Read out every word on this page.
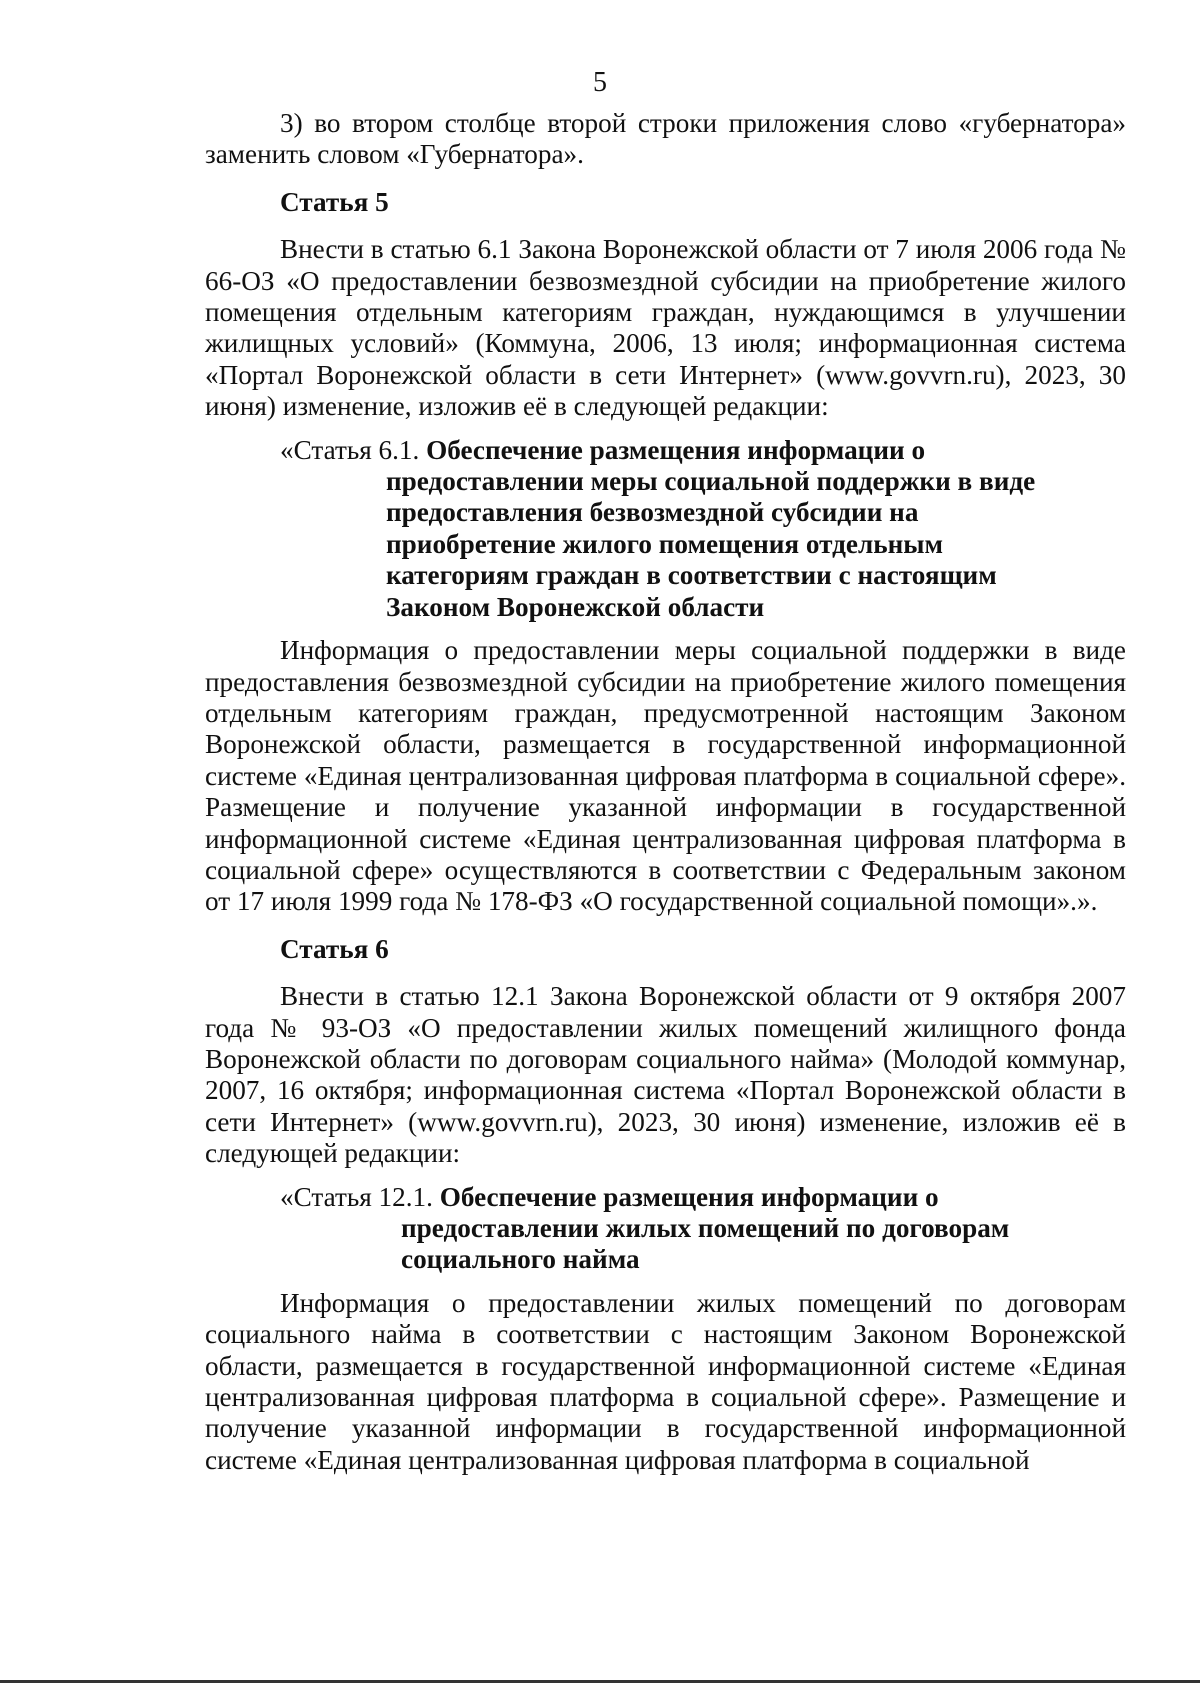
5

3) во втором столбце второй строки приложения слово «губернатора» заменить словом «Губернатора».

Статья 5

Внести в статью 6.1 Закона Воронежской области от 7 июля 2006 года № 66-ОЗ «О предоставлении безвозмездной субсидии на приобретение жилого помещения отдельным категориям граждан, нуждающимся в улучшении жилищных условий» (Коммуна, 2006, 13 июля; информационная система «Портал Воронежской области в сети Интернет» (www.govvrn.ru), 2023, 30 июня) изменение, изложив её в следующей редакции:

«Статья 6.1. Обеспечение размещения информации о
предоставлении меры социальной поддержки в виде
предоставления безвозмездной субсидии на
приобретение жилого помещения отдельным
категориям граждан в соответствии с настоящим
Законом Воронежской области

Информация о предоставлении меры социальной поддержки в виде предоставления безвозмездной субсидии на приобретение жилого помещения отдельным категориям граждан, предусмотренной настоящим Законом Воронежской области, размещается в государственной информационной системе «Единая централизованная цифровая платформа в социальной сфере». Размещение и получение указанной информации в государственной информационной системе «Единая централизованная цифровая платформа в социальной сфере» осуществляются в соответствии с Федеральным законом от 17 июля 1999 года № 178-ФЗ «О государственной социальной помощи».».

Статья 6

Внести в статью 12.1 Закона Воронежской области от 9 октября 2007 года № 93-ОЗ «О предоставлении жилых помещений жилищного фонда Воронежской области по договорам социального найма» (Молодой коммунар, 2007, 16 октября; информационная система «Портал Воронежской области в сети Интернет» (www.govvrn.ru), 2023, 30 июня) изменение, изложив её в следующей редакции:

«Статья 12.1. Обеспечение размещения информации о
предоставлении жилых помещений по договорам
социального найма

Информация о предоставлении жилых помещений по договорам социального найма в соответствии с настоящим Законом Воронежской области, размещается в государственной информационной системе «Единая централизованная цифровая платформа в социальной сфере». Размещение и получение указанной информации в государственной информационной системе «Единая централизованная цифровая платформа в социальной
